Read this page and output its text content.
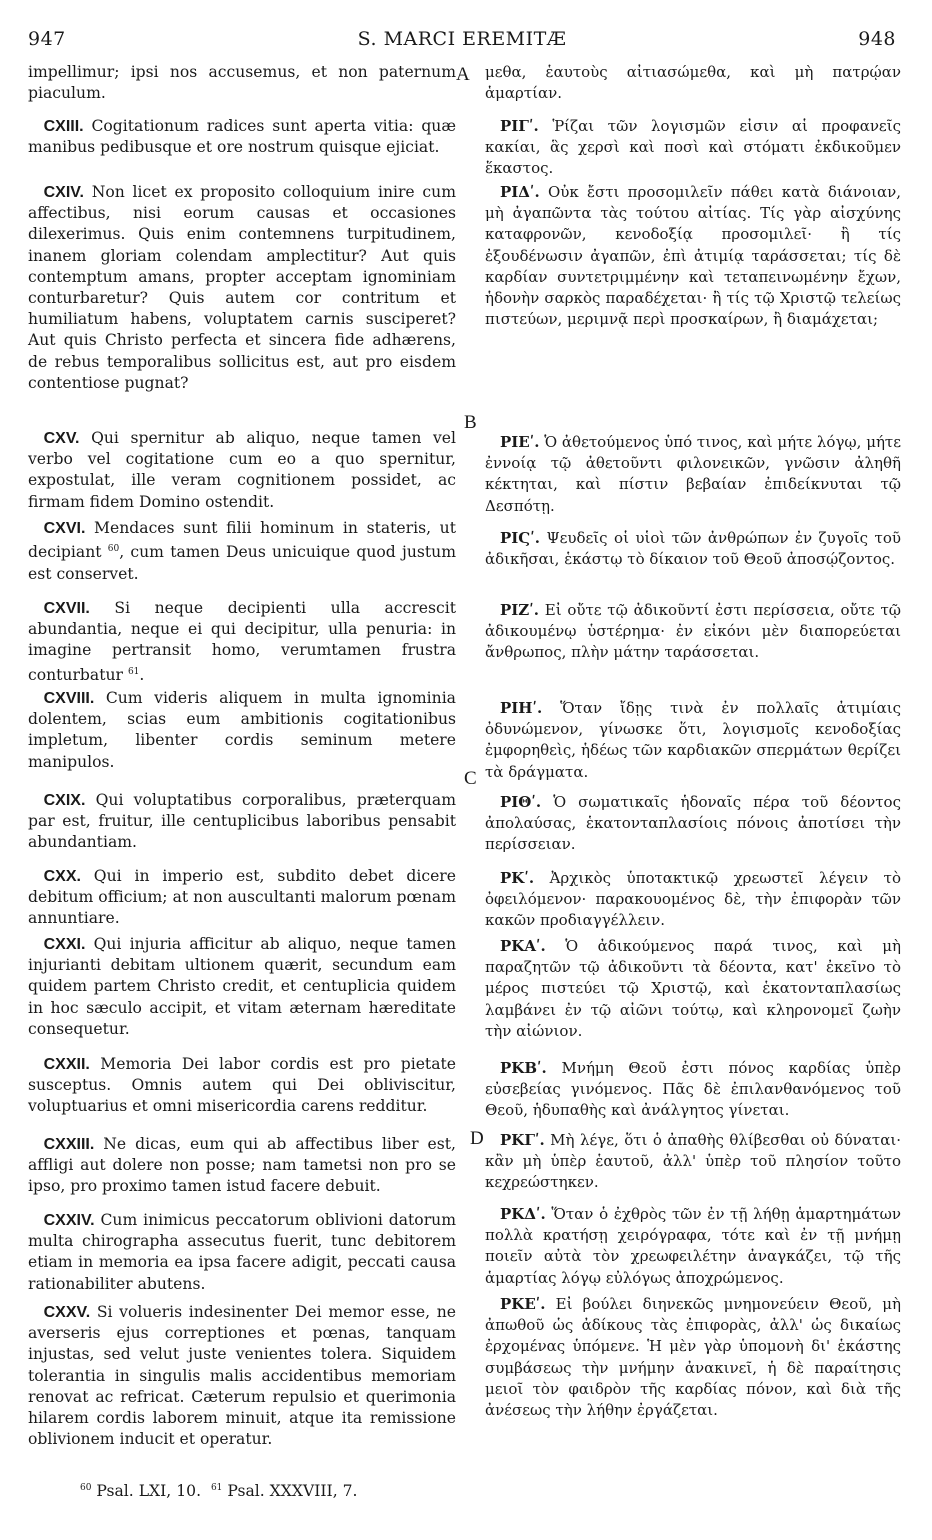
947	S. MARCI EREMITÆ	948
A
B
C
D

impellimur; ipsi nos accusemus, et non paternum piaculum.

 CXIII. Cogitationum radices sunt aperta vitia: quæ manibus pedibusque et ore nostrum quisque ejiciat.

 CXIV. Non licet ex proposito colloquium inire cum affectibus, nisi eorum causas et occasiones dilexerimus. Quis enim contemnens turpitudinem, inanem gloriam colendam amplectitur? Aut quis contemptum amans, propter acceptam ignominiam conturbaretur? Quis autem cor contritum et humiliatum habens, voluptatem carnis susciperet? Aut quis Christo perfecta et sincera fide adhærens, de rebus temporalibus sollicitus est, aut pro eisdem contentiose pugnat?

 CXV. Qui spernitur ab aliquo, neque tamen vel verbo vel cogitatione cum eo a quo spernitur, expostulat, ille veram cognitionem possidet, ac firmam fidem Domino ostendit.

 CXVI. Mendaces sunt filii hominum in stateris, ut decipiant $^{60}$, cum tamen Deus unicuique quod justum est conservet.

 CXVII. Si neque decipienti ulla accrescit abundantia, neque ei qui decipitur, ulla penuria: in imagine pertransit homo, verumtamen frustra conturbatur $^{61}$.

 CXVIII. Cum videris aliquem in multa ignominia dolentem, scias eum ambitionis cogitationibus impletum, libenter cordis seminum metere manipulos.

 CXIX. Qui voluptatibus corporalibus, præterquam par est, fruitur, ille centuplicibus laboribus pensabit abundantiam.

 CXX. Qui in imperio est, subdito debet dicere debitum officium; at non auscultanti malorum pœnam annuntiare.

 CXXI. Qui injuria afficitur ab aliquo, neque tamen injurianti debitam ultionem quærit, secundum eam quidem partem Christo credit, et centuplicia quidem in hoc sæculo accipit, et vitam æternam hæreditate consequetur.

 CXXII. Memoria Dei labor cordis est pro pietate susceptus. Omnis autem qui Dei obliviscitur, voluptuarius et omni misericordia carens redditur.

 CXXIII. Ne dicas, eum qui ab affectibus liber est, affligi aut dolere non posse; nam tametsi non pro se ipso, pro proximo tamen istud facere debuit.

 CXXIV. Cum inimicus peccatorum oblivioni datorum multa chirographa assecutus fuerit, tunc debitorem etiam in memoria ea ipsa facere adigit, peccati causa rationabiliter abutens.

 CXXV. Si volueris indesinenter Dei memor esse, ne averseris ejus correptiones et pœnas, tanquam injustas, sed velut juste venientes tolera. Siquidem tolerantia in singulis malis accidentibus memoriam renovat ac refricat. Cæterum repulsio et querimonia hilarem cordis laborem minuit, atque ita remissione oblivionem inducit et operatur.

μεθα, ἑαυτοὺς αἰτιασώμεθα, καὶ μὴ πατρῴαν ἁμαρτίαν.

 ΡΙΓʹ. Ῥίζαι τῶν λογισμῶν εἰσιν αἱ προφανεῖς κακίαι, ἃς χερσὶ καὶ ποσὶ καὶ στόματι ἐκδικοῦμεν ἕκαστος.

 ΡΙΔʹ. Οὐκ ἔστι προσομιλεῖν πάθει κατὰ διάνοιαν, μὴ ἀγαπῶντα τὰς τούτου αἰτίας. Τίς γὰρ αἰσχύνης καταφρονῶν, κενοδοξίᾳ προσομιλεῖ· ἢ τίς ἐξουδένωσιν ἀγαπῶν, ἐπὶ ἀτιμίᾳ ταράσσεται; τίς δὲ καρδίαν συντετριμμένην καὶ τεταπεινωμένην ἔχων, ἡδονὴν σαρκὸς παραδέχεται· ἢ τίς τῷ Χριστῷ τελείως πιστεύων, μεριμνᾷ περὶ προσκαίρων, ἢ διαμάχεται;

 ΡΙΕʹ. Ὁ ἀθετούμενος ὑπό τινος, καὶ μήτε λόγῳ, μήτε ἐννοίᾳ τῷ ἀθετοῦντι φιλονεικῶν, γνῶσιν ἀληθῆ κέκτηται, καὶ πίστιν βεβαίαν ἐπιδείκνυται τῷ Δεσπότῃ.

 ΡΙϚʹ. Ψευδεῖς οἱ υἱοὶ τῶν ἀνθρώπων ἐν ζυγοῖς τοῦ ἀδικῆσαι, ἑκάστῳ τὸ δίκαιον τοῦ Θεοῦ ἀποσῴζοντος.

 ΡΙΖʹ. Εἰ οὔτε τῷ ἀδικοῦντί ἐστι περίσσεια, οὔτε τῷ ἀδικουμένῳ ὑστέρημα· ἐν εἰκόνι μὲν διαπορεύεται ἄνθρωπος, πλὴν μάτην ταράσσεται.

 ΡΙΗʹ. Ὅταν ἴδῃς τινὰ ἐν πολλαῖς ἀτιμίαις ὀδυνώμενον, γίνωσκε ὅτι, λογισμοῖς κενοδοξίας ἐμφορηθεὶς, ἡδέως τῶν καρδιακῶν σπερμάτων θερίζει τὰ δράγματα.

 ΡΙΘʹ. Ὁ σωματικαῖς ἡδοναῖς πέρα τοῦ δέοντος ἀπολαύσας, ἑκατονταπλασίοις πόνοις ἀποτίσει τὴν περίσσειαν.

 ΡΚʹ. Ἀρχικὸς ὑποτακτικῷ χρεωστεῖ λέγειν τὸ ὀφειλόμενον· παρακουομένος δὲ, τὴν ἐπιφορὰν τῶν κακῶν προδιαγγέλλειν.

 ΡΚΑʹ. Ὁ ἀδικούμενος παρά τινος, καὶ μὴ παραζητῶν τῷ ἀδικοῦντι τὰ δέοντα, κατ' ἐκεῖνο τὸ μέρος πιστεύει τῷ Χριστῷ, καὶ ἑκατονταπλασίως λαμβάνει ἐν τῷ αἰῶνι τούτῳ, καὶ κληρονομεῖ ζωὴν τὴν αἰώνιον.

 ΡΚΒʹ. Μνήμη Θεοῦ ἐστι πόνος καρδίας ὑπὲρ εὐσεβείας γινόμενος. Πᾶς δὲ ἐπιλανθανόμενος τοῦ Θεοῦ, ἡδυπαθὴς καὶ ἀνάλγητος γίνεται.

 ΡΚΓʹ. Μὴ λέγε, ὅτι ὁ ἀπαθὴς θλίβεσθαι οὐ δύναται· κἂν μὴ ὑπὲρ ἑαυτοῦ, ἀλλ' ὑπὲρ τοῦ πλησίον τοῦτο κεχρεώστηκεν.

 ΡΚΔʹ. Ὅταν ὁ ἐχθρὸς τῶν ἐν τῇ λήθῃ ἁμαρτημάτων πολλὰ κρατήσῃ χειρόγραφα, τότε καὶ ἐν τῇ μνήμῃ ποιεῖν αὐτὰ τὸν χρεωφειλέτην ἀναγκάζει, τῷ τῆς ἁμαρτίας λόγῳ εὐλόγως ἀποχρώμενος.

 ΡΚΕʹ. Εἰ βούλει διηνεκῶς μνημονεύειν Θεοῦ, μὴ ἀπωθοῦ ὡς ἀδίκους τὰς ἐπιφορὰς, ἀλλ' ὡς δικαίως ἐρχομένας ὑπόμενε. Ἡ μὲν γὰρ ὑπομονὴ δι' ἑκάστης συμβάσεως τὴν μνήμην ἀνακινεῖ, ἡ δὲ παραίτησις μειοῖ τὸν φαιδρὸν τῆς καρδίας πόνον, καὶ διὰ τῆς ἀνέσεως τὴν λήθην ἐργάζεται.

$^{60}$ Psal. LXI, 10. $^{61}$ Psal. XXXVIII, 7.
